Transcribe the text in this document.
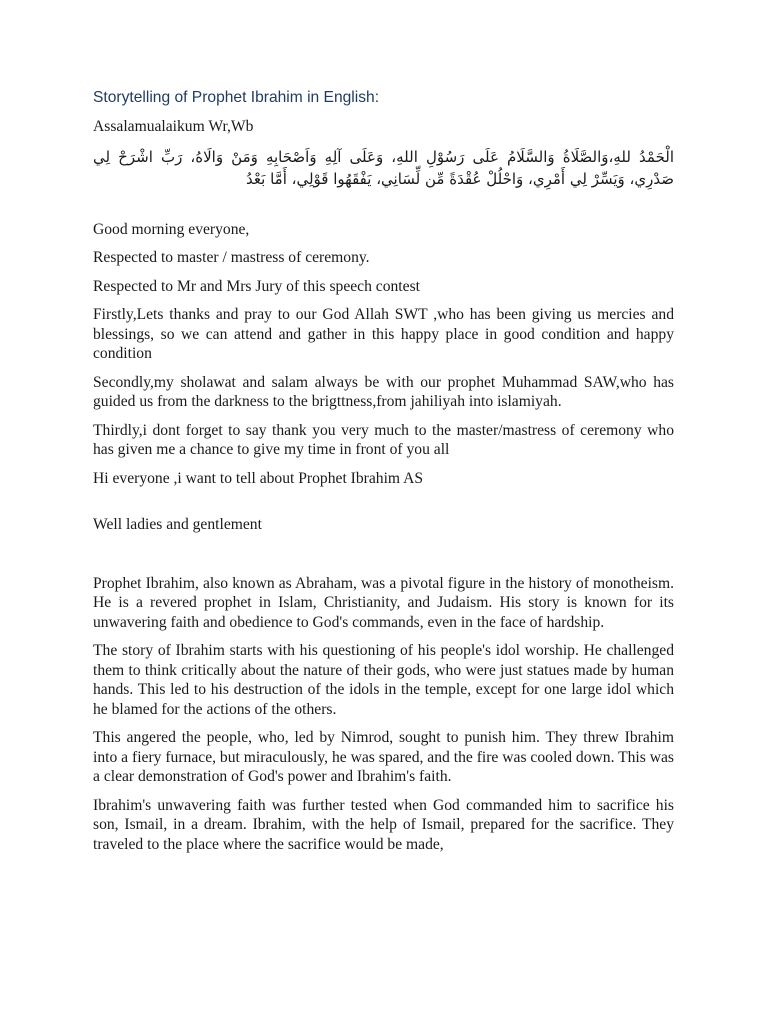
Storytelling of Prophet Ibrahim in English:

Assalamualaikum Wr,Wb

الْحَمْدُ للهِ،وَالصَّلَاةُ وَالسَّلَامُ عَلَى رَسُوْلِ اللهِ، وَعَلَى آلِهِ وَاَصْحَابِهِ وَمَنْ وَالَاهُ، رَبِّ اشْرَحْ لِي صَدْرِي، وَيَسِّرْ لِي أَمْرِي، وَاحْلُلْ عُقْدَةً مِّن لِّسَانِي، يَفْقَهُوا قَوْلِي، أَمَّا بَعْدُ

Good morning everyone,

Respected to master / mastress of ceremony.

Respected to Mr and Mrs Jury of this speech contest

Firstly,Lets thanks and pray to our God Allah SWT ,who has been giving us mercies and blessings, so we can attend and gather in this happy place in good condition and happy condition

Secondly,my sholawat and salam always be with our prophet Muhammad SAW,who has guided us from the darkness to the brigttness,from jahiliyah into islamiyah.

Thirdly,i dont forget to say thank you very much to the master/mastress of ceremony who has given me a chance to give my time in front of you all

Hi everyone ,i want to tell about Prophet Ibrahim AS

Well ladies and gentlement

Prophet Ibrahim, also known as Abraham, was a pivotal figure in the history of monotheism. He is a revered prophet in Islam, Christianity, and Judaism. His story is known for its unwavering faith and obedience to God's commands, even in the face of hardship.

The story of Ibrahim starts with his questioning of his people's idol worship. He challenged them to think critically about the nature of their gods, who were just statues made by human hands. This led to his destruction of the idols in the temple, except for one large idol which he blamed for the actions of the others.

This angered the people, who, led by Nimrod, sought to punish him. They threw Ibrahim into a fiery furnace, but miraculously, he was spared, and the fire was cooled down. This was a clear demonstration of God's power and Ibrahim's faith.

Ibrahim's unwavering faith was further tested when God commanded him to sacrifice his son, Ismail, in a dream. Ibrahim, with the help of Ismail, prepared for the sacrifice. They traveled to the place where the sacrifice would be made,
